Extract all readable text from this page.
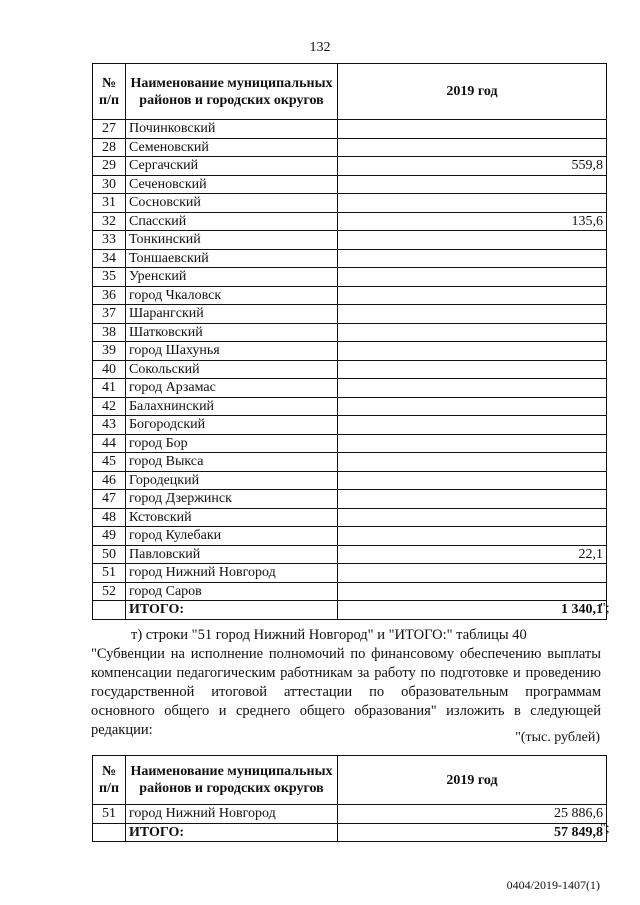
132
№ п/п	Наименование муниципальных районов и городских округов	2019 год
27	Починковский	
28	Семеновский	
29	Сергачский	559,8
30	Сеченовский	
31	Сосновский	
32	Спасский	135,6
33	Тонкинский	
34	Тоншаевский	
35	Уренский	
36	город Чкаловск	
37	Шарангский	
38	Шатковский	
39	город Шахунья	
40	Сокольский	
41	город Арзамас	
42	Балахнинский	
43	Богородский	
44	город Бор	
45	город Выкса	
46	Городецкий	
47	город Дзержинск	
48	Кстовский	
49	город Кулебаки	
50	Павловский	22,1
51	город Нижний Новгород	
52	город Саров	
	ИТОГО:	1 340,1
";
т) строки "51 город Нижний Новгород" и "ИТОГО:" таблицы 40
"Субвенции на исполнение полномочий по финансовому обеспечению выплаты компенсации педагогическим работникам за работу по подготовке и проведению государственной итоговой аттестации по образовательным программам основного общего и среднего общего образования" изложить в следующей редакции:	"(тыс. рублей)
№ п/п	Наименование муниципальных районов и городских округов	2019 год
51	город Нижний Новгород	25 886,6
	ИТОГО:	57 849,8
";
0404/2019-1407(1)
